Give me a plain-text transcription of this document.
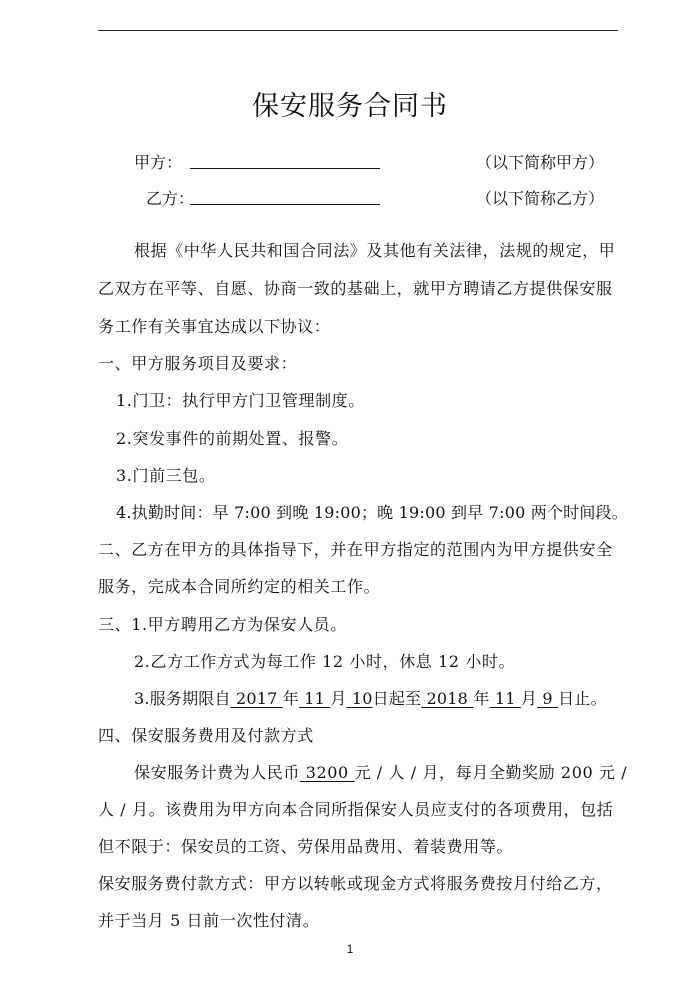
保安服务合同书
甲方：	（以下简称甲方）
乙方：	（以下简称乙方）
根据《中华人民共和国合同法》及其他有关法律，法规的规定，甲
乙双方在平等、自愿、协商一致的基础上，就甲方聘请乙方提供保安服
务工作有关事宜达成以下协议：
一、甲方服务项目及要求：
1.门卫：执行甲方门卫管理制度。
2.突发事件的前期处置、报警。
3.门前三包。
4.执勤时间：早 7:00 到晚 19:00；晚 19:00 到早 7:00 两个时间段。
二、乙方在甲方的具体指导下，并在甲方指定的范围内为甲方提供安全
服务，完成本合同所约定的相关工作。
三、1.甲方聘用乙方为保安人员。
2.乙方工作方式为每工作 12 小时，休息 12 小时。
3.服务期限自 2017 年 11 月 10日起至 2018 年 11 月 9 日止。
四、保安服务费用及付款方式
保安服务计费为人民币 3200 元 / 人 / 月，每月全勤奖励 200 元 /
人 / 月。该费用为甲方向本合同所指保安人员应支付的各项费用，包括
但不限于：保安员的工资、劳保用品费用、着装费用等。
保安服务费付款方式：甲方以转帐或现金方式将服务费按月付给乙方，
并于当月 5 日前一次性付清。
1
